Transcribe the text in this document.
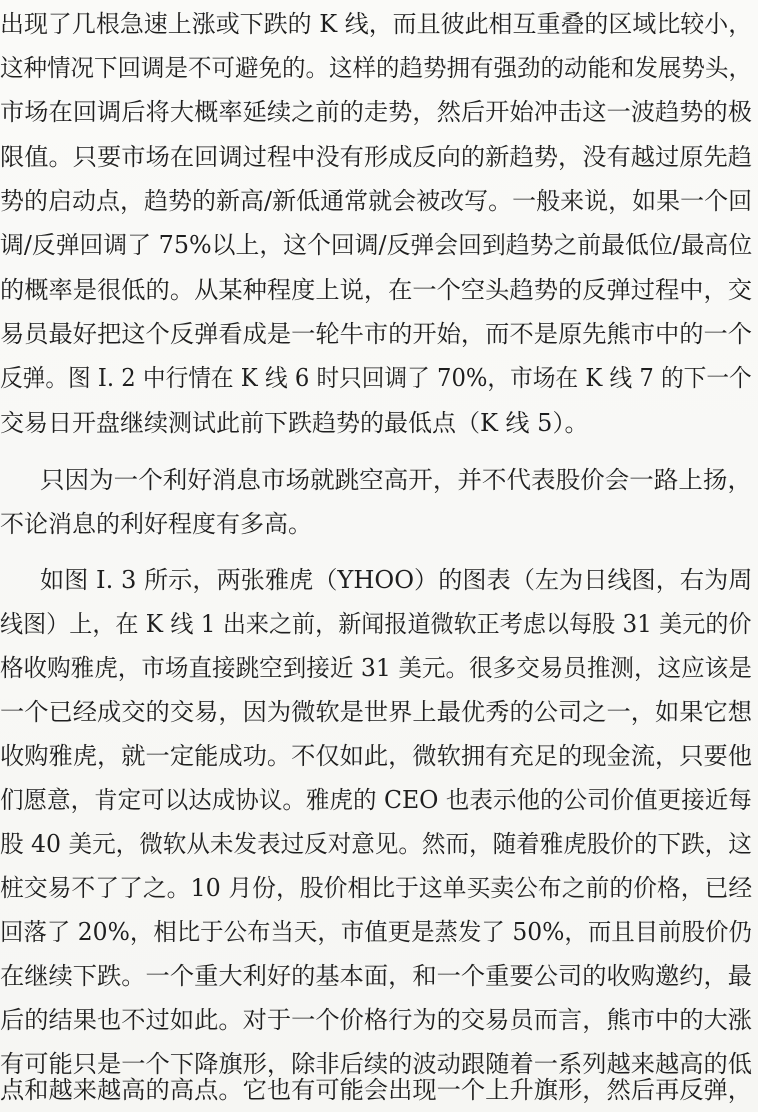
出现了几根急速上涨或下跌的 K 线，而且彼此相互重叠的区域比较小，
这种情况下回调是不可避免的。这样的趋势拥有强劲的动能和发展势头，
市场在回调后将大概率延续之前的走势，然后开始冲击这一波趋势的极
限值。只要市场在回调过程中没有形成反向的新趋势，没有越过原先趋
势的启动点，趋势的新高/新低通常就会被改写。一般来说，如果一个回
调/反弹回调了 75%以上，这个回调/反弹会回到趋势之前最低位/最高位
的概率是很低的。从某种程度上说，在一个空头趋势的反弹过程中，交
易员最好把这个反弹看成是一轮牛市的开始，而不是原先熊市中的一个
反弹。图 I. 2 中行情在 K 线 6 时只回调了 70%，市场在 K 线 7 的下一个
交易日开盘继续测试此前下跌趋势的最低点（K 线 5）。
只因为一个利好消息市场就跳空高开，并不代表股价会一路上扬，
不论消息的利好程度有多高。
如图 I. 3 所示，两张雅虎（YHOO）的图表（左为日线图，右为周
线图）上，在 K 线 1 出来之前，新闻报道微软正考虑以每股 31 美元的价
格收购雅虎，市场直接跳空到接近 31 美元。很多交易员推测，这应该是
一个已经成交的交易，因为微软是世界上最优秀的公司之一，如果它想
收购雅虎，就一定能成功。不仅如此，微软拥有充足的现金流，只要他
们愿意，肯定可以达成协议。雅虎的 CEO 也表示他的公司价值更接近每
股 40 美元，微软从未发表过反对意见。然而，随着雅虎股价的下跌，这
桩交易不了了之。10 月份，股价相比于这单买卖公布之前的价格，已经
回落了 20%，相比于公布当天，市值更是蒸发了 50%，而且目前股价仍
在继续下跌。一个重大利好的基本面，和一个重要公司的收购邀约，最
后的结果也不过如此。对于一个价格行为的交易员而言，熊市中的大涨
有可能只是一个下降旗形，除非后续的波动跟随着一系列越来越高的低
点和越来越高的高点。它也有可能会出现一个上升旗形，然后再反弹，
